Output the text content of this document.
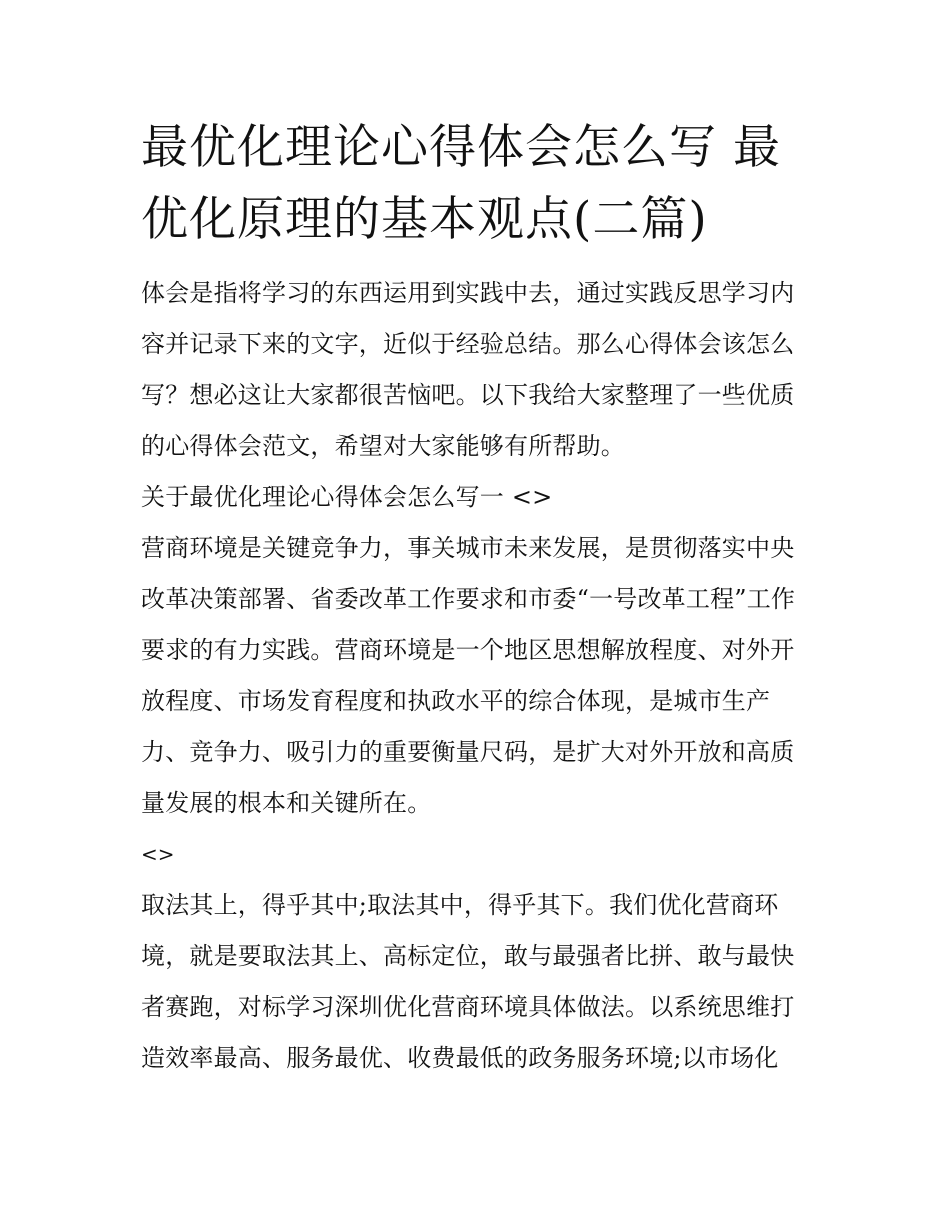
最优化理论心得体会怎么写 最优化原理的基本观点(二篇)

体会是指将学习的东西运用到实践中去，通过实践反思学习内容并记录下来的文字，近似于经验总结。那么心得体会该怎么写？想必这让大家都很苦恼吧。以下我给大家整理了一些优质的心得体会范文，希望对大家能够有所帮助。

关于最优化理论心得体会怎么写一 <>

营商环境是关键竞争力，事关城市未来发展，是贯彻落实中央改革决策部署、省委改革工作要求和市委“一号改革工程”工作要求的有力实践。营商环境是一个地区思想解放程度、对外开放程度、市场发育程度和执政水平的综合体现，是城市生产力、竞争力、吸引力的重要衡量尺码，是扩大对外开放和高质量发展的根本和关键所在。

<>

取法其上，得乎其中;取法其中，得乎其下。我们优化营商环境，就是要取法其上、高标定位，敢与最强者比拼、敢与最快者赛跑，对标学习深圳优化营商环境具体做法。以系统思维打造效率最高、服务最优、收费最低的政务服务环境;以市场化
